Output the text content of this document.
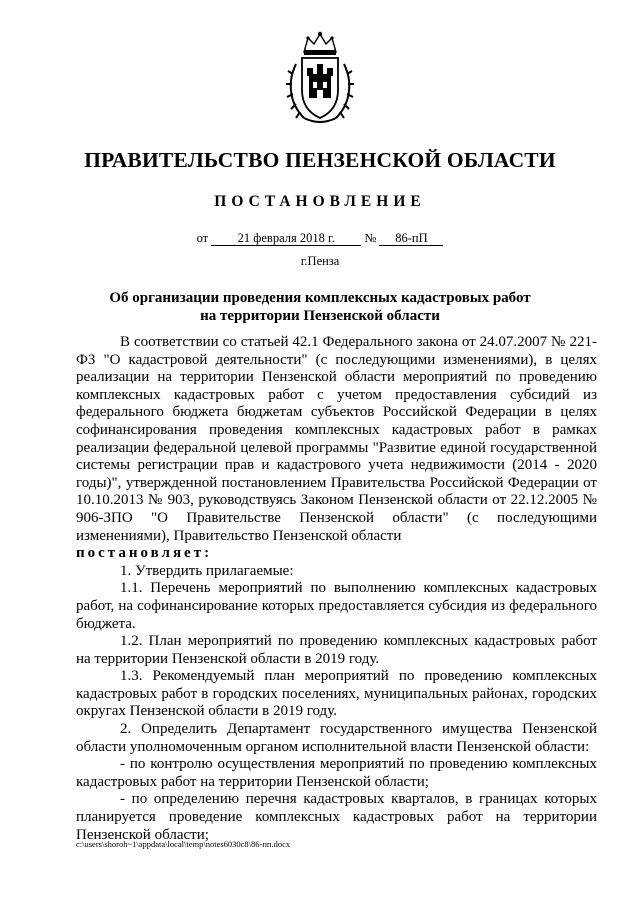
ПРАВИТЕЛЬСТВО ПЕНЗЕНСКОЙ ОБЛАСТИ
ПОСТАНОВЛЕНИЕ
от 21 февраля 2018 г. № 86-пП
г.Пенза
Об организации проведения комплексных кадастровых работ
на территории Пензенской области

В соответствии со статьей 42.1 Федерального закона от 24.07.2007 № 221-ФЗ "О кадастровой деятельности" (с последующими изменениями), в целях реализации на территории Пензенской области мероприятий по проведению комплексных кадастровых работ с учетом предоставления субсидий из федерального бюджета бюджетам субъектов Российской Федерации в целях софинансирования проведения комплексных кадастровых работ в рамках реализации федеральной целевой программы "Развитие единой государственной системы регистрации прав и кадастрового учета недвижимости (2014 - 2020 годы)", утвержденной постановлением Правительства Российской Федерации от 10.10.2013 № 903, руководствуясь Законом Пензенской области от 22.12.2005 № 906-ЗПО "О Правительстве Пензенской области" (с последующими изменениями), Правительство Пензенской области

постановляет:

1. Утвердить прилагаемые:

1.1. Перечень мероприятий по выполнению комплексных кадастровых работ, на софинансирование которых предоставляется субсидия из федерального бюджета.

1.2. План мероприятий по проведению комплексных кадастровых работ на территории Пензенской области в 2019 году.

1.3. Рекомендуемый план мероприятий по проведению комплексных кадастровых работ в городских поселениях, муниципальных районах, городских округах Пензенской области в 2019 году.

2. Определить Департамент государственного имущества Пензенской области уполномоченным органом исполнительной власти Пензенской области:

- по контролю осуществления мероприятий по проведению комплексных кадастровых работ на территории Пензенской области;

- по определению перечня кадастровых кварталов, в границах которых планируется проведение комплексных кадастровых работ на территории Пензенской области;

c:\users\shoroh~1\appdata\local\temp\notes6030c8\86-пп.docx
